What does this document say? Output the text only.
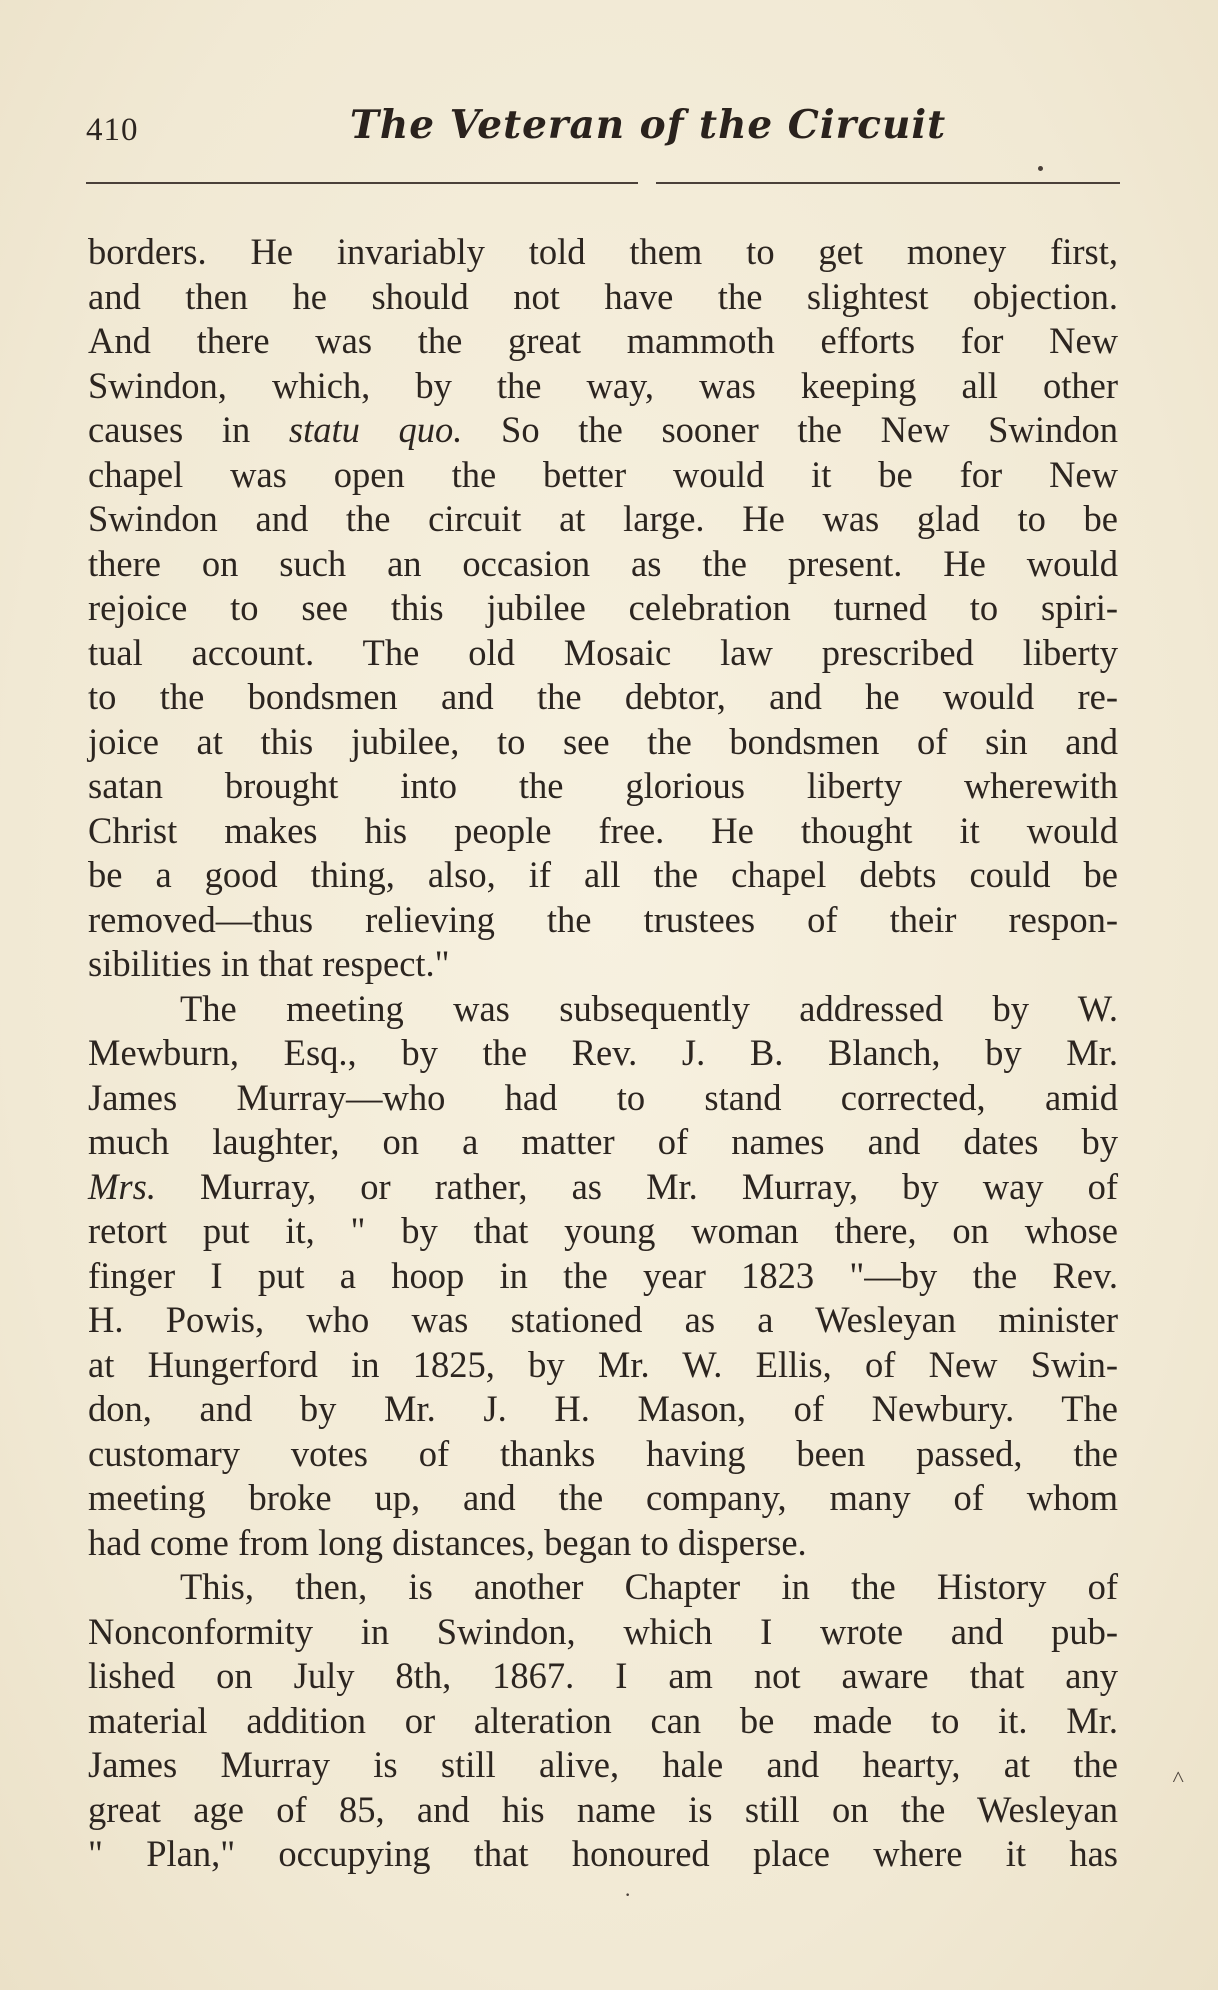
410	The Veteran of the Circuit
borders. He invariably told them to get money first,
and then he should not have the slightest objection.
And there was the great mammoth efforts for New
Swindon, which, by the way, was keeping all other
causes in statu quo. So the sooner the New Swindon
chapel was open the better would it be for New
Swindon and the circuit at large. He was glad to be
there on such an occasion as the present. He would
rejoice to see this jubilee celebration turned to spiri-
tual account. The old Mosaic law prescribed liberty
to the bondsmen and the debtor, and he would re-
joice at this jubilee, to see the bondsmen of sin and
satan brought into the glorious liberty wherewith
Christ makes his people free. He thought it would
be a good thing, also, if all the chapel debts could be
removed—thus relieving the trustees of their respon-
sibilities in that respect."
The meeting was subsequently addressed by W.
Mewburn, Esq., by the Rev. J. B. Blanch, by Mr.
James Murray—who had to stand corrected, amid
much laughter, on a matter of names and dates by
Mrs. Murray, or rather, as Mr. Murray, by way of
retort put it, " by that young woman there, on whose
finger I put a hoop in the year 1823 "—by the Rev.
H. Powis, who was stationed as a Wesleyan minister
at Hungerford in 1825, by Mr. W. Ellis, of New Swin-
don, and by Mr. J. H. Mason, of Newbury. The
customary votes of thanks having been passed, the
meeting broke up, and the company, many of whom
had come from long distances, began to disperse.
This, then, is another Chapter in the History of
Nonconformity in Swindon, which I wrote and pub-
lished on July 8th, 1867. I am not aware that any
material addition or alteration can be made to it. Mr.
James Murray is still alive, hale and hearty, at the
great age of 85, and his name is still on the Wesleyan
" Plan," occupying that honoured place where it has
˄
·
